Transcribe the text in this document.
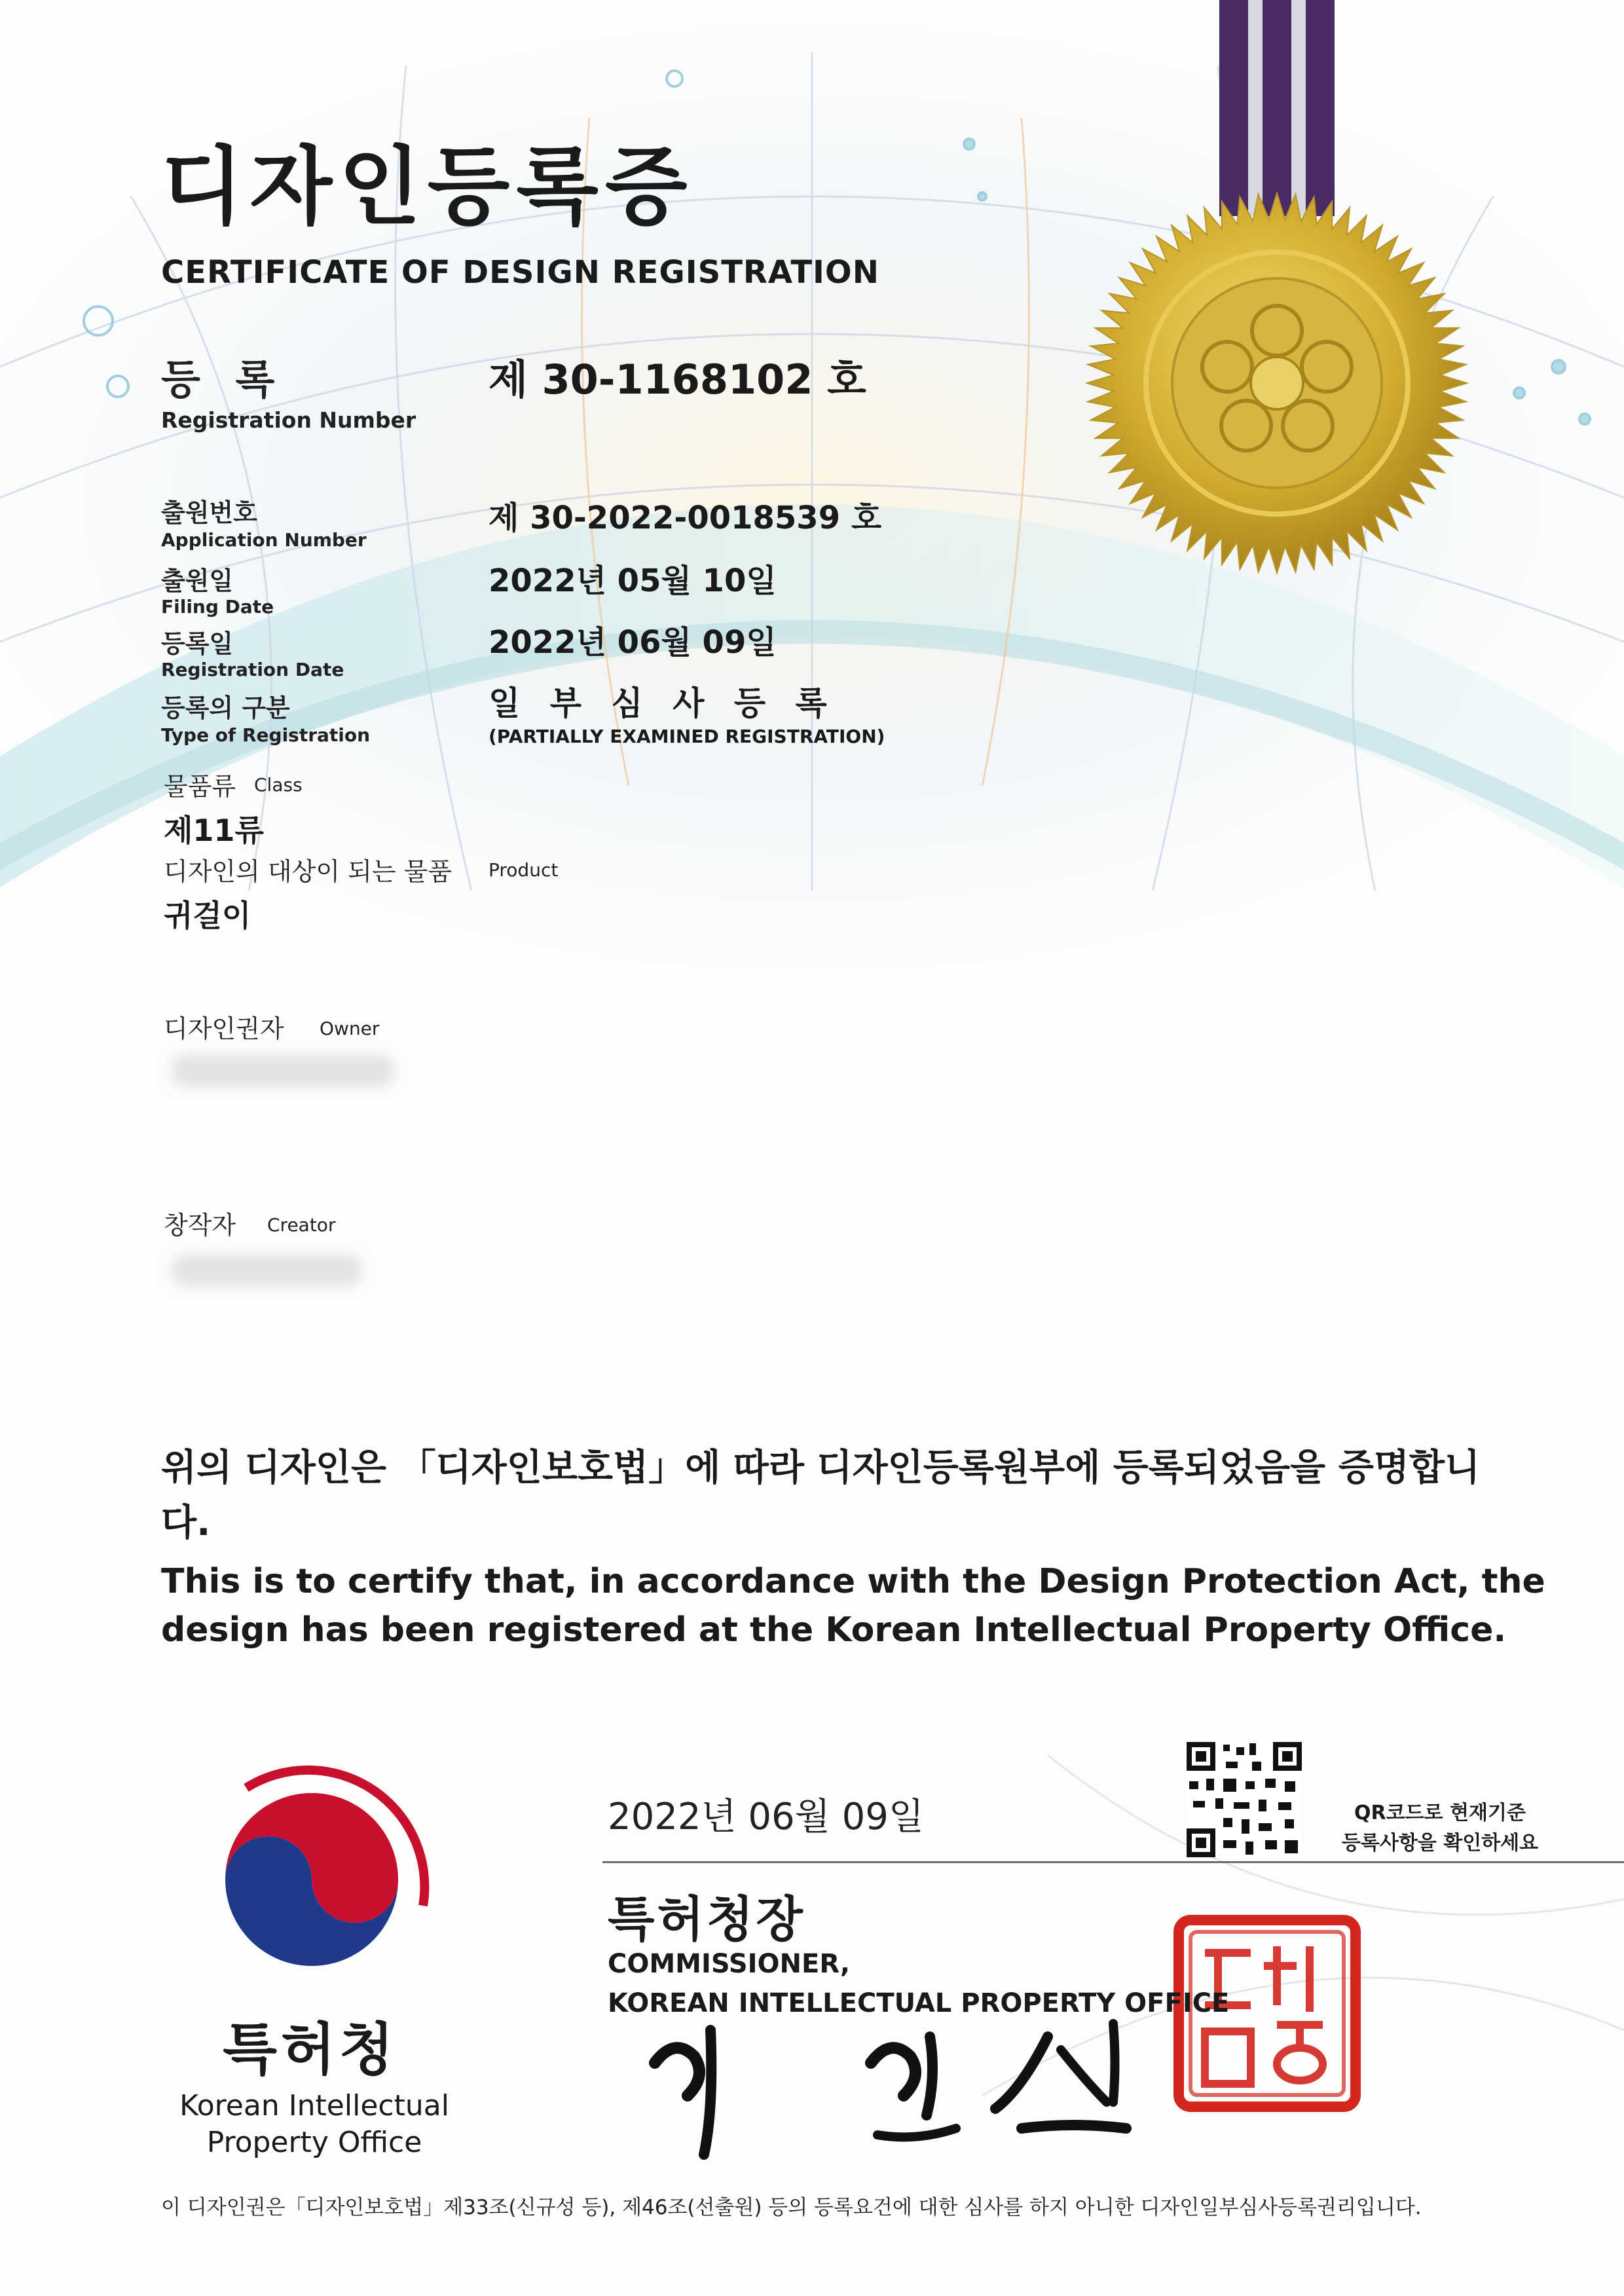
디자인등록증
CERTIFICATE OF DESIGN REGISTRATION
등 록
Registration Number
제 30-1168102 호
출원번호
Application Number
제 30-2022-0018539 호
출원일
Filing Date
2022년 05월 10일
등록일
Registration Date
2022년 06월 09일
등록의 구분
Type of Registration
일 부 심 사 등 록
(PARTIALLY EXAMINED REGISTRATION)
물품류 Class
제11류
디자인의 대상이 되는 물품 Product
귀걸이
디자인권자 Owner
창작자 Creator
위의 디자인은 「디자인보호법」에 따라 디자인등록원부에 등록되었음을 증명합니다.
This is to certify that, in accordance with the Design Protection Act, the design has been registered at the Korean Intellectual Property Office.
2022년 06월 09일	QR코드로 현재기준
등록사항을 확인하세요
특허청장
COMMISSIONER,
KOREAN INTELLECTUAL PROPERTY OFFICE
특허청
Korean Intellectual
Property Office
이 디자인권은「디자인보호법」제33조(신규성 등), 제46조(선출원) 등의 등록요건에 대한 심사를 하지 아니한 디자인일부심사등록권리입니다.
